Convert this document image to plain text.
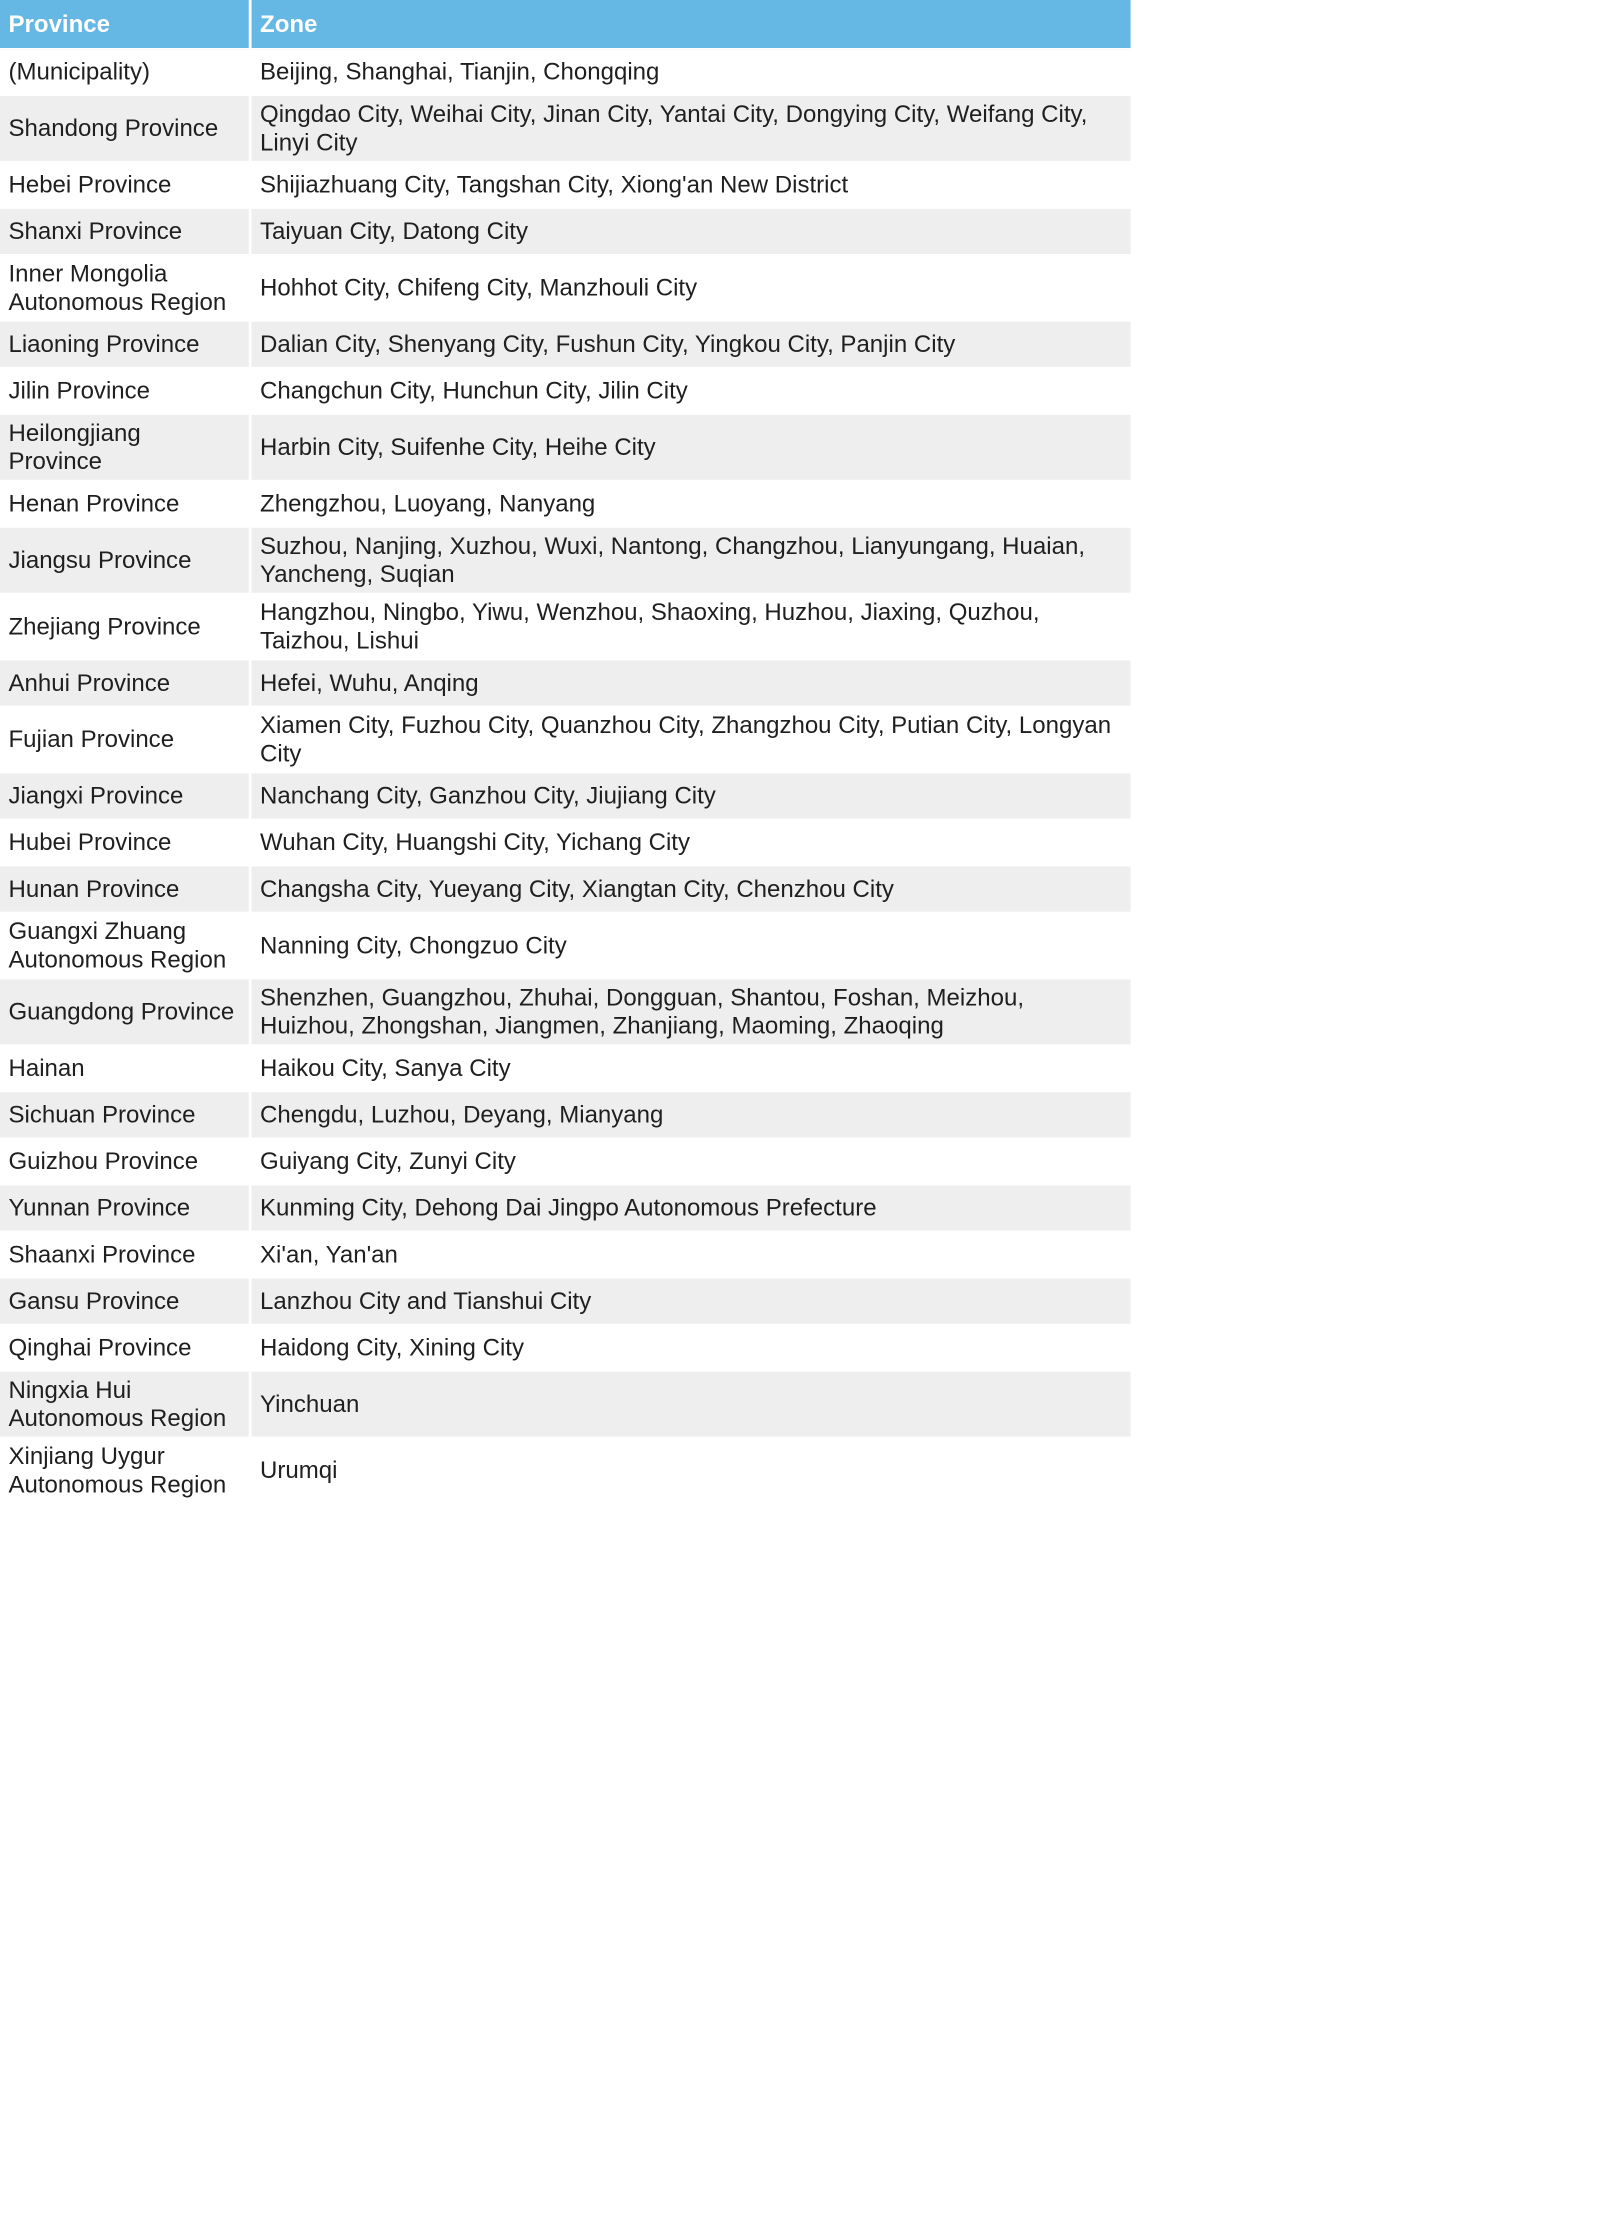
Province	Zone
(Municipality)	Beijing, Shanghai, Tianjin, Chongqing
Shandong Province	Qingdao City, Weihai City, Jinan City, Yantai City, Dongying City, Weifang City, Linyi City
Hebei Province	Shijiazhuang City, Tangshan City, Xiong'an New District
Shanxi Province	Taiyuan City, Datong City
Inner Mongolia Autonomous Region	Hohhot City, Chifeng City, Manzhouli City
Liaoning Province	Dalian City, Shenyang City, Fushun City, Yingkou City, Panjin City
Jilin Province	Changchun City, Hunchun City, Jilin City
Heilongjiang Province	Harbin City, Suifenhe City, Heihe City
Henan Province	Zhengzhou, Luoyang, Nanyang
Jiangsu Province	Suzhou, Nanjing, Xuzhou, Wuxi, Nantong, Changzhou, Lianyungang, Huaian, Yancheng, Suqian
Zhejiang Province	Hangzhou, Ningbo, Yiwu, Wenzhou, Shaoxing, Huzhou, Jiaxing, Quzhou, Taizhou, Lishui
Anhui Province	Hefei, Wuhu, Anqing
Fujian Province	Xiamen City, Fuzhou City, Quanzhou City, Zhangzhou City, Putian City, Longyan City
Jiangxi Province	Nanchang City, Ganzhou City, Jiujiang City
Hubei Province	Wuhan City, Huangshi City, Yichang City
Hunan Province	Changsha City, Yueyang City, Xiangtan City, Chenzhou City
Guangxi Zhuang Autonomous Region	Nanning City, Chongzuo City
Guangdong Province	Shenzhen, Guangzhou, Zhuhai, Dongguan, Shantou, Foshan, Meizhou, Huizhou, Zhongshan, Jiangmen, Zhanjiang, Maoming, Zhaoqing
Hainan	Haikou City, Sanya City
Sichuan Province	Chengdu, Luzhou, Deyang, Mianyang
Guizhou Province	Guiyang City, Zunyi City
Yunnan Province	Kunming City, Dehong Dai Jingpo Autonomous Prefecture
Shaanxi Province	Xi'an, Yan'an
Gansu Province	Lanzhou City and Tianshui City
Qinghai Province	Haidong City, Xining City
Ningxia Hui Autonomous Region	Yinchuan
Xinjiang Uygur Autonomous Region	Urumqi
